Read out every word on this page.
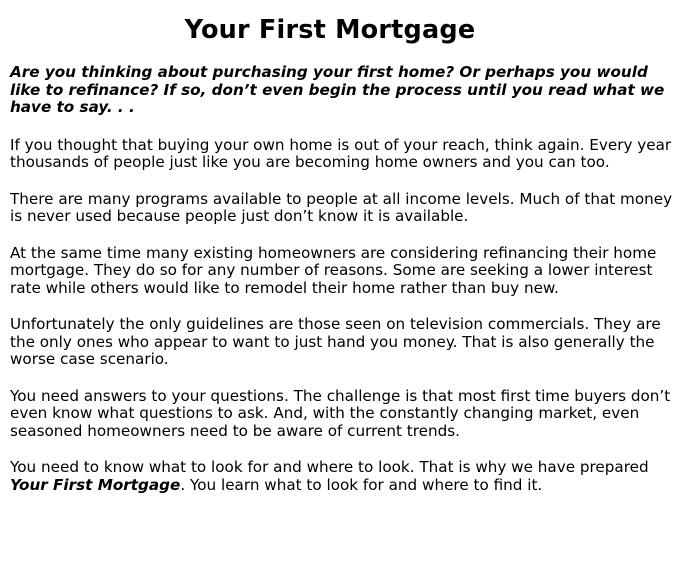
Your First Mortgage

Are you thinking about purchasing your first home? Or perhaps you would like to refinance? If so, don’t even begin the process until you read what we have to say. . .

If you thought that buying your own home is out of your reach, think again. Every year thousands of people just like you are becoming home owners and you can too.

There are many programs available to people at all income levels. Much of that money is never used because people just don’t know it is available.

At the same time many existing homeowners are considering refinancing their home mortgage. They do so for any number of reasons. Some are seeking a lower interest rate while others would like to remodel their home rather than buy new.

Unfortunately the only guidelines are those seen on television commercials. They are the only ones who appear to want to just hand you money. That is also generally the worse case scenario.

You need answers to your questions. The challenge is that most first time buyers don’t even know what questions to ask. And, with the constantly changing market, even seasoned homeowners need to be aware of current trends.

You need to know what to look for and where to look. That is why we have prepared Your First Mortgage. You learn what to look for and where to find it.
